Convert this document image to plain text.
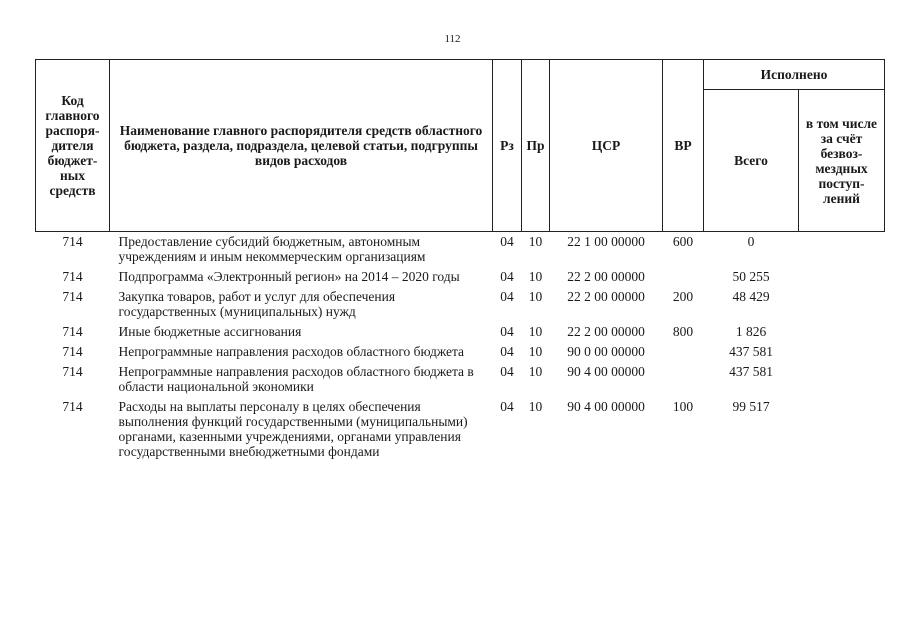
112
Код главного распоря-дителя бюджет-ных средств	Наименование главного распорядителя средств областного бюджета, раздела, подраздела, целевой статьи, подгруппы видов расходов	Рз	Пр	ЦСР	ВР	Исполнено	
						Всего	в том числе за счёт безвоз-мездных поступ-лений
714	Предоставление субсидий бюджетным, автономным учреждениям и иным некоммерческим организациям	04	10	22 1 00 00000	600	0	
714	Подпрограмма «Электронный регион» на 2014 – 2020 годы	04	10	22 2 00 00000		50 255	
714	Закупка товаров, работ и услуг для обеспечения государственных (муниципальных) нужд	04	10	22 2 00 00000	200	48 429	
714	Иные бюджетные ассигнования	04	10	22 2 00 00000	800	1 826	
714	Непрограммные направления расходов областного бюджета	04	10	90 0 00 00000		437 581	
714	Непрограммные направления расходов областного бюджета в области национальной экономики	04	10	90 4 00 00000		437 581	
714	Расходы на выплаты персоналу в целях обеспечения выполнения функций государственными (муниципальными) органами, казенными учреждениями, органами управления государственными внебюджетными фондами	04	10	90 4 00 00000	100	99 517	
